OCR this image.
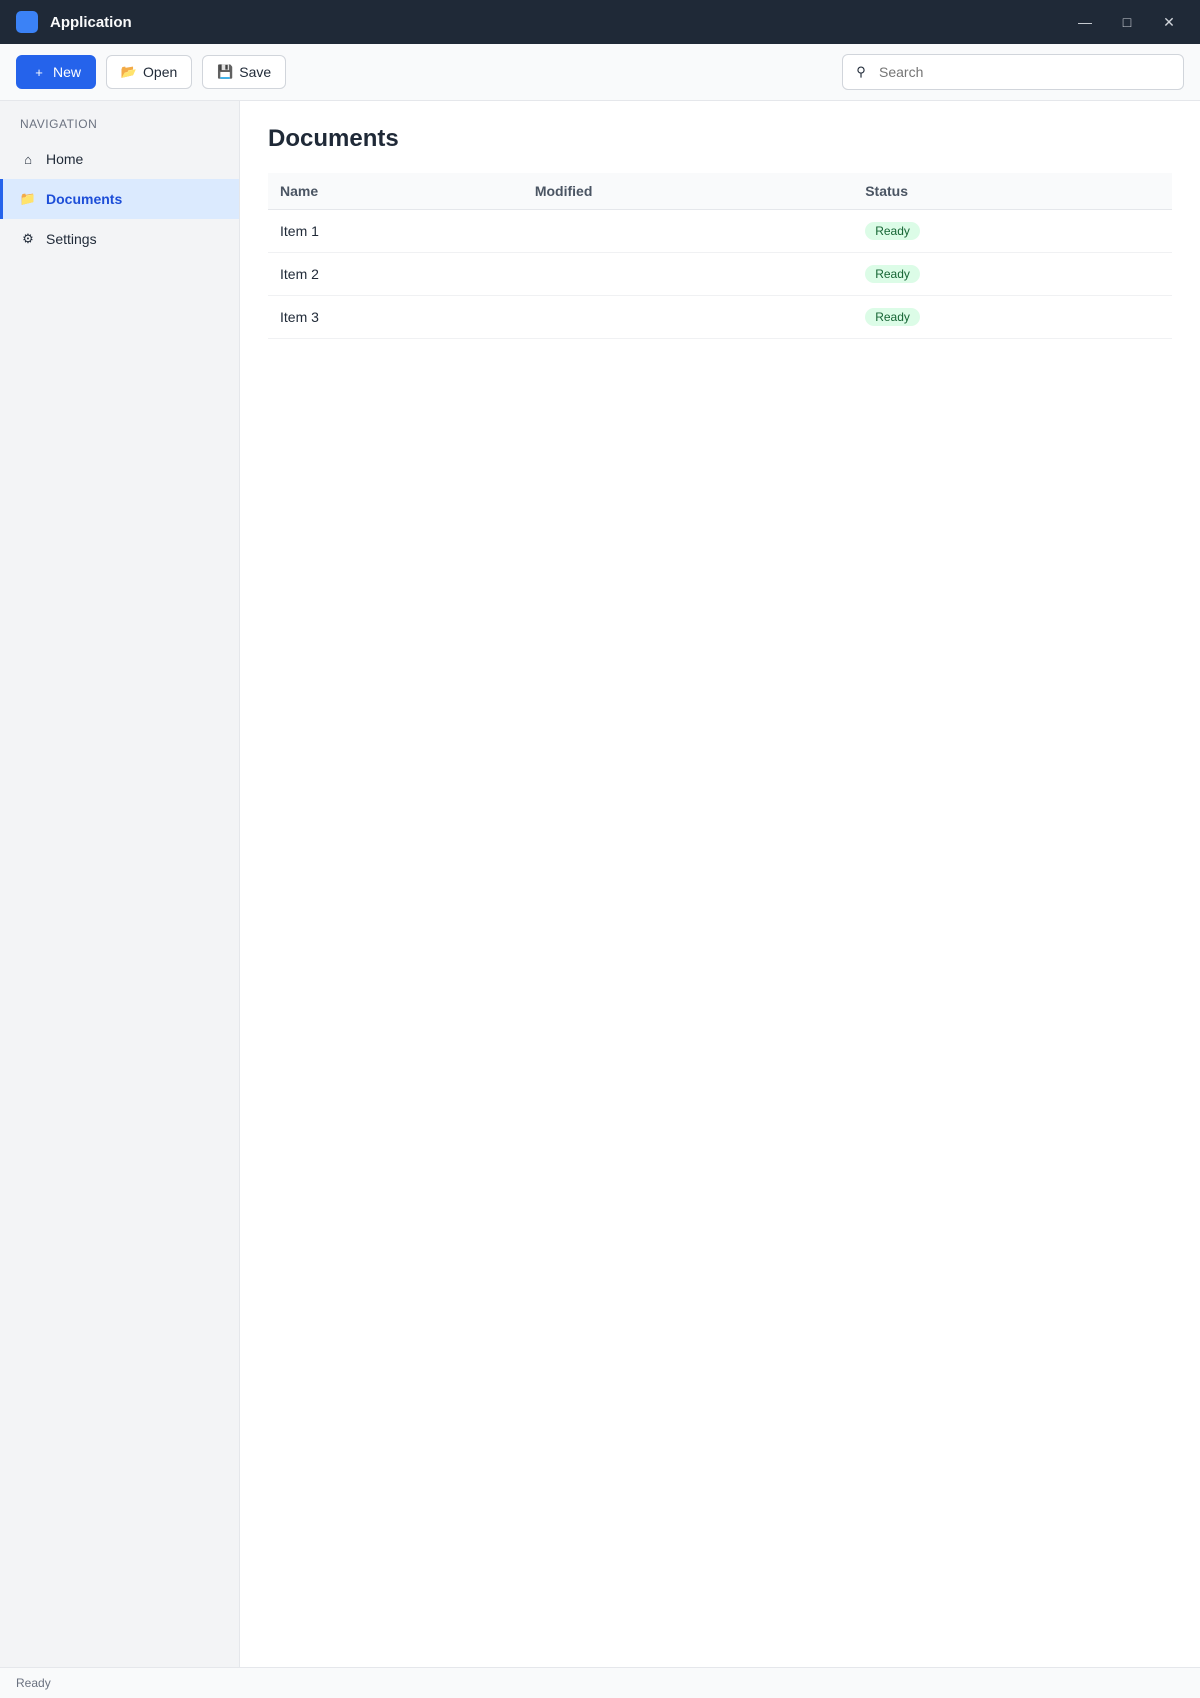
Application	—	□	✕
+ New	📂 Open	💾 Save	⚲
Search
NAVIGATION
⌂ Home
📁 Documents
⚙ Settings
Documents

Name	Modified	Status
Item 1		Ready
Item 2		Ready
Item 3		Ready
Ready
